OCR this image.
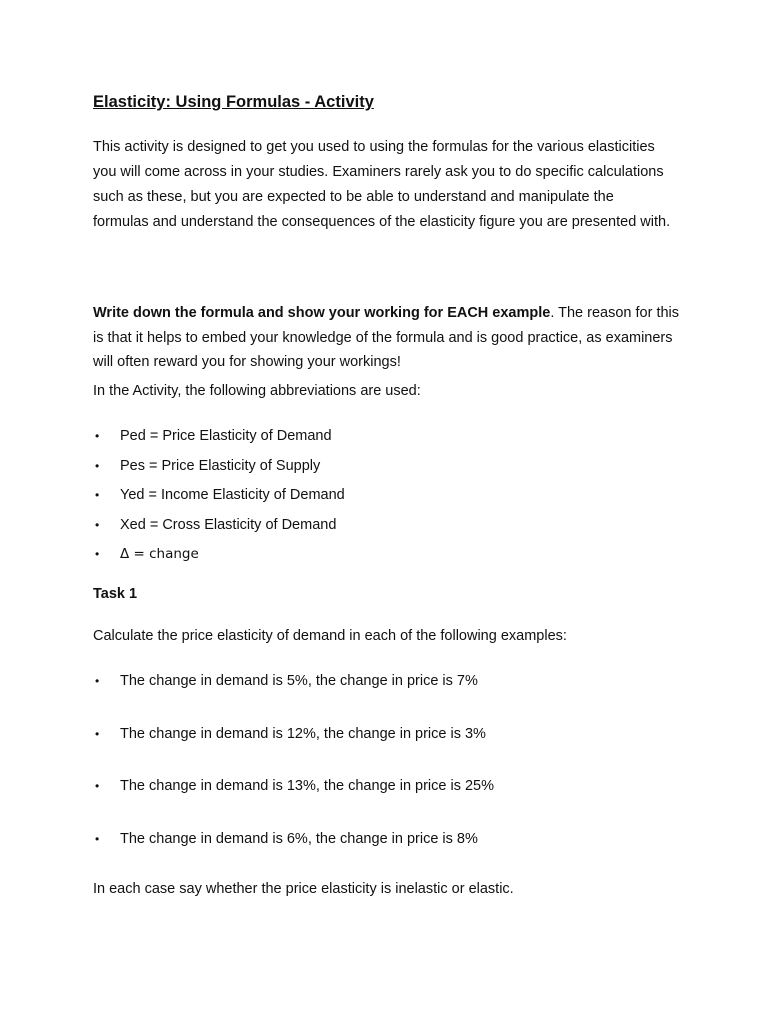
Elasticity: Using Formulas - Activity

This activity is designed to get you used to using the formulas for the various elasticities you will come across in your studies. Examiners rarely ask you to do specific calculations such as these, but you are expected to be able to understand and manipulate the formulas and understand the consequences of the elasticity figure you are presented with.

Write down the formula and show your working for EACH example. The reason for this is that it helps to embed your knowledge of the formula and is good practice, as examiners will often reward you for showing your workings!

In the Activity, the following abbreviations are used:

• Ped = Price Elasticity of Demand
• Pes = Price Elasticity of Supply
• Yed = Income Elasticity of Demand
• Xed = Cross Elasticity of Demand
• Δ = change
Task 1

Calculate the price elasticity of demand in each of the following examples:

• The change in demand is 5%, the change in price is 7%
• The change in demand is 12%, the change in price is 3%
• The change in demand is 13%, the change in price is 25%
• The change in demand is 6%, the change in price is 8%

In each case say whether the price elasticity is inelastic or elastic.
